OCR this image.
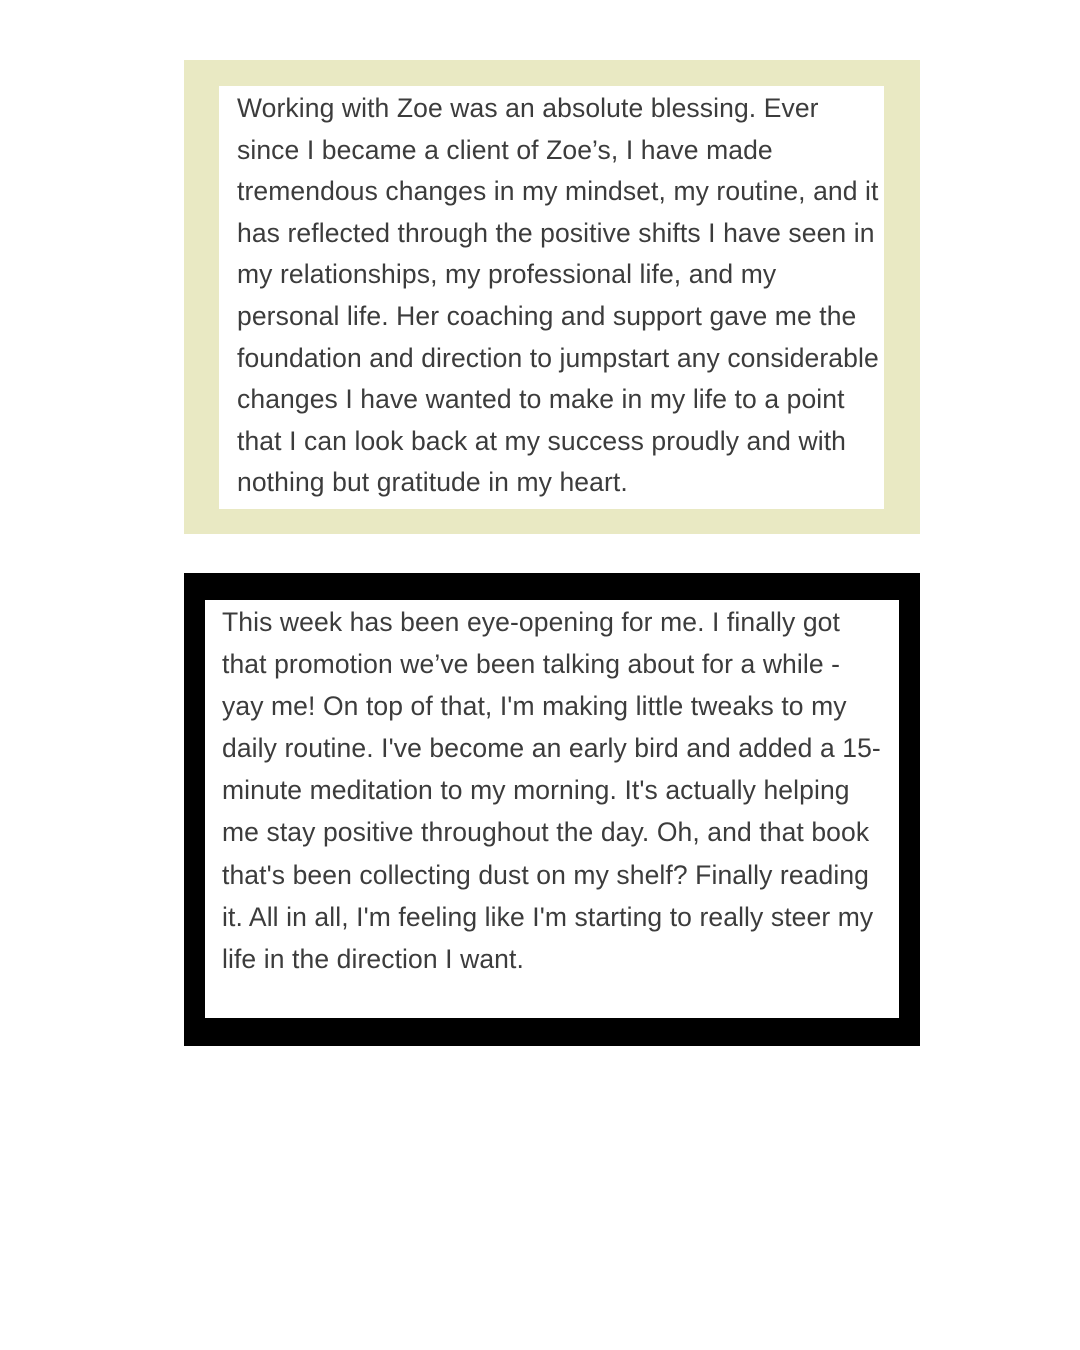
Working with Zoe was an absolute blessing. Ever since I became a client of Zoe’s, I have made tremendous changes in my mindset, my routine, and it has reflected through the positive shifts I have seen in my relationships, my professional life, and my personal life. Her coaching and support gave me the foundation and direction to jumpstart any considerable changes I have wanted to make in my life to a point that I can look back at my success proudly and with nothing but gratitude in my heart.
This week has been eye-opening for me. I finally got that promotion we’ve been talking about for a while - yay me! On top of that, I'm making little tweaks to my daily routine. I've become an early bird and added a 15-minute meditation to my morning. It's actually helping me stay positive throughout the day. Oh, and that book that's been collecting dust on my shelf? Finally reading it. All in all, I'm feeling like I'm starting to really steer my life in the direction I want.
